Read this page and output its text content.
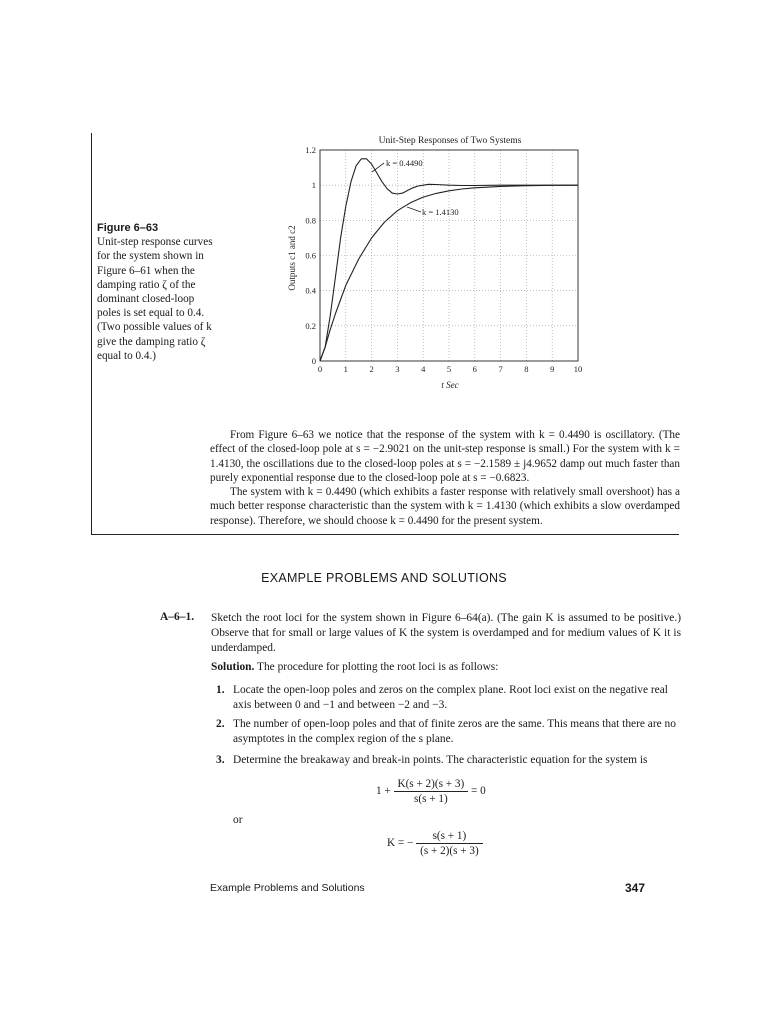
Figure 6–63
Unit-step response curves for the system shown in Figure 6–61 when the damping ratio ζ of the dominant closed-loop poles is set equal to 0.4. (Two possible values of k give the damping ratio ζ equal to 0.4.)
Unit-Step Responses of Two Systems
t Sec
Outputs c1 and c2
0	1	2	3	4	5	6	7	8	9 10
0
0.2
0.4
0.6
0.8
1
1.2
k = 0.4490
k = 1.4130

From Figure 6–63 we notice that the response of the system with k = 0.4490 is oscillatory. (The effect of the closed-loop pole at s = −2.9021 on the unit-step response is small.) For the system with k = 1.4130, the oscillations due to the closed-loop poles at s = −2.1589 ± j4.9652 damp out much faster than purely exponential response due to the closed-loop pole at s = −0.6823.

The system with k = 0.4490 (which exhibits a faster response with relatively small overshoot) has a much better response characteristic than the system with k = 1.4130 (which exhibits a slow overdamped response). Therefore, we should choose k = 0.4490 for the present system.

EXAMPLE PROBLEMS AND SOLUTIONS
A–6–1. Sketch the root loci for the system shown in Figure 6–64(a). (The gain K is assumed to be positive.) Observe that for small or large values of K the system is overdamped and for medium values of K it is underdamped.
Solution. The procedure for plotting the root loci is as follows:
1. Locate the open-loop poles and zeros on the complex plane. Root loci exist on the negative real axis between 0 and −1 and between −2 and −3.
2. The number of open-loop poles and that of finite zeros are the same. This means that there are no asymptotes in the complex region of the s plane.
3. Determine the breakaway and break-in points. The characteristic equation for the system is
$1 + \frac{K(s + 2)(s + 3)}{s(s + 1)} = 0$
or
K = − $\frac{s(s + 1)}{(s + 2)(s + 3)}$
Example Problems and Solutions	347
